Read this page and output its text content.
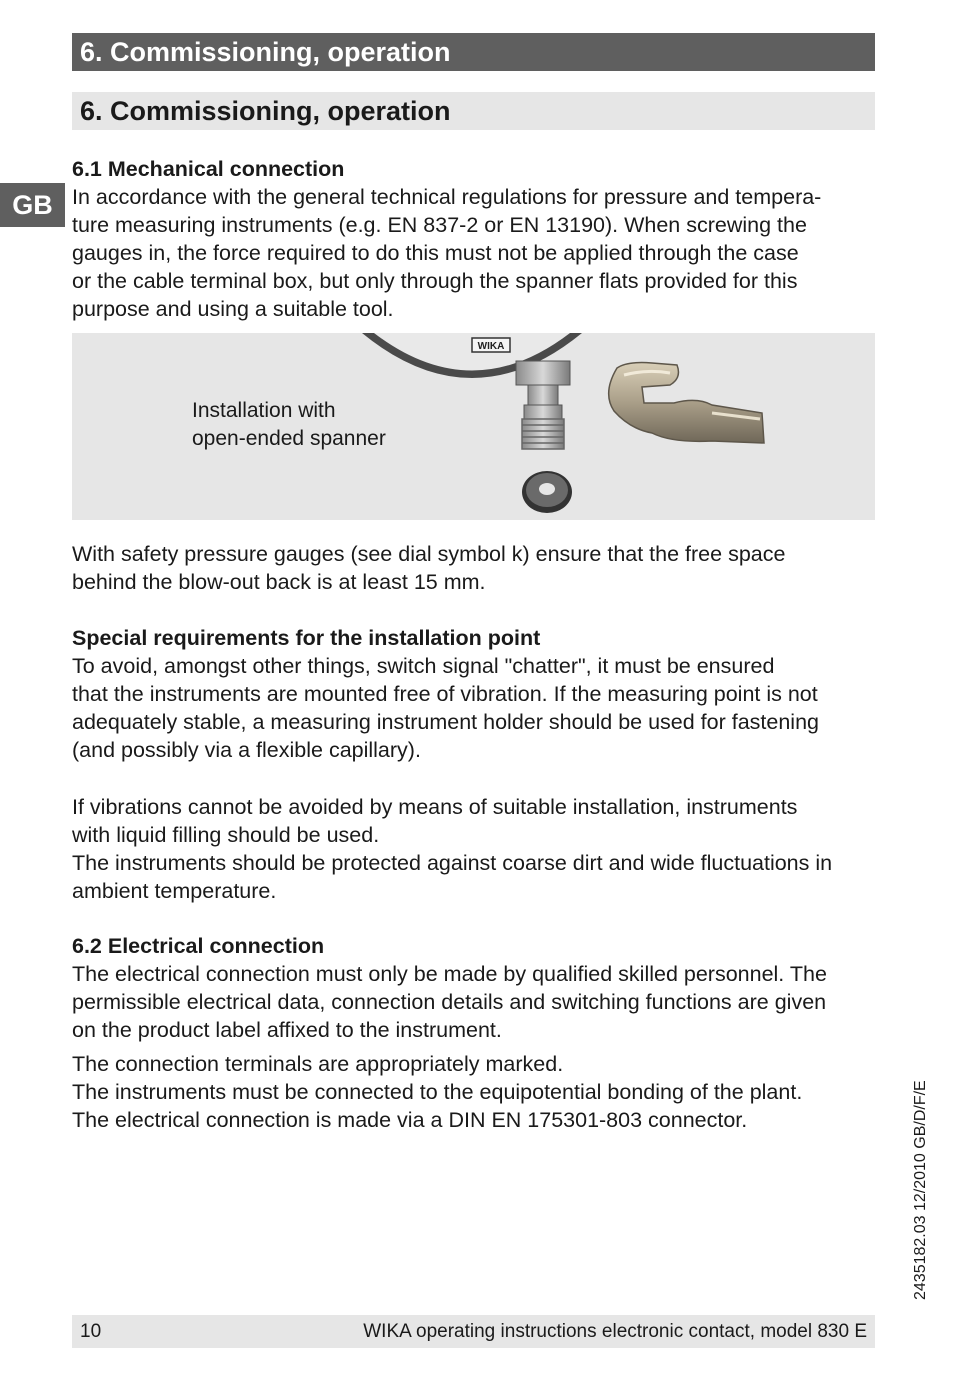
6. Commissioning, operation
6. Commissioning, operation
GB
6.1 Mechanical connection
In accordance with the general technical regulations for pressure and tempera-
ture measuring instruments (e.g. EN 837-2 or EN 13190). When screwing the
gauges in, the force required to do this must not be applied through the case
or the cable terminal box, but only through the spanner flats provided for this
purpose and using a suitable tool.
Installation with
open-ended spanner
WIKA
With safety pressure gauges (see dial symbol k) ensure that the free space
behind the blow-out back is at least 15 mm.
Special requirements for the installation point
To avoid, amongst other things, switch signal "chatter", it must be ensured
that the instruments are mounted free of vibration. If the measuring point is not
adequately stable, a measuring instrument holder should be used for fastening
(and possibly via a flexible capillary).
If vibrations cannot be avoided by means of suitable installation, instruments
with liquid filling should be used.
The instruments should be protected against coarse dirt and wide fluctuations in
ambient temperature.
6.2 Electrical connection
The electrical connection must only be made by qualified skilled personnel. The
permissible electrical data, connection details and switching functions are given
on the product label affixed to the instrument.
The connection terminals are appropriately marked.
The instruments must be connected to the equipotential bonding of the plant.
The electrical connection is made via a DIN EN 175301-803 connector.	2435182.03 12/2010 GB/D/F/E
10	WIKA operating instructions electronic contact, model 830 E
